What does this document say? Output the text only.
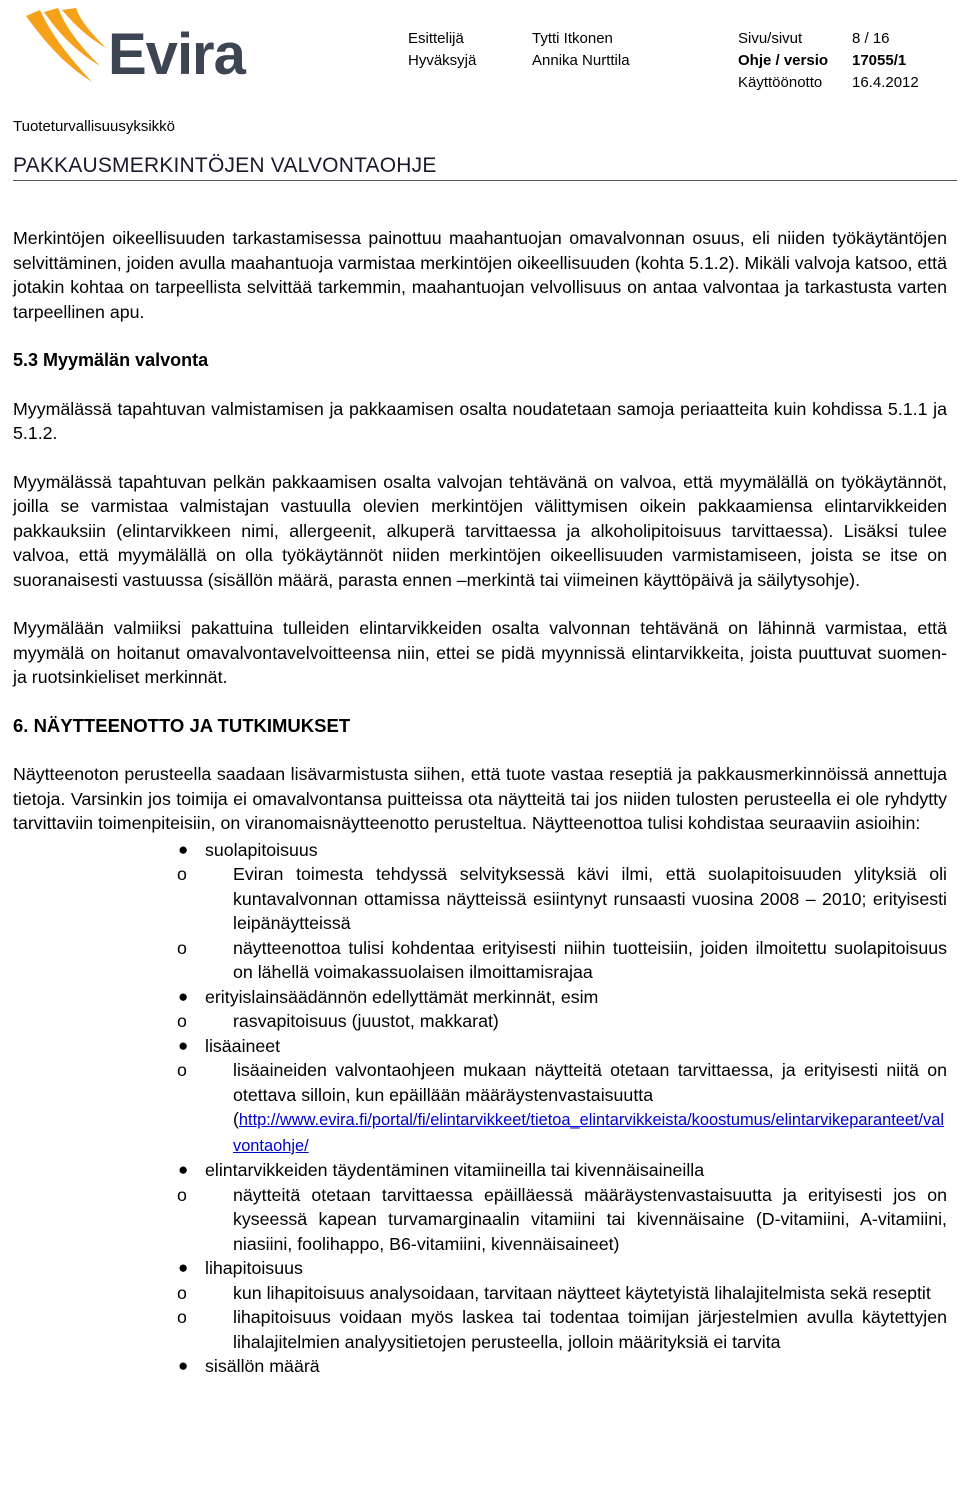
Evira	Esittelijä	Tytti Itkonen	Sivu/sivut	8 / 16
Hyväksyjä	Annika Nurttila	Ohje / versio 17055/1
Käyttöönotto 16.4.2012
Tuoteturvallisuusyksikkö
PAKKAUSMERKINTÖJEN VALVONTAOHJE

Merkintöjen oikeellisuuden tarkastamisessa painottuu maahantuojan omavalvonnan osuus, eli niiden työkäytäntöjen selvittäminen, joiden avulla maahantuoja varmistaa merkintöjen oikeellisuuden (kohta 5.1.2). Mikäli valvoja katsoo, että jotakin kohtaa on tarpeellista selvittää tarkemmin, maahantuojan velvollisuus on antaa valvontaa ja tarkastusta varten tarpeellinen apu.

5.3 Myymälän valvonta

Myymälässä tapahtuvan valmistamisen ja pakkaamisen osalta noudatetaan samoja periaatteita kuin kohdissa 5.1.1 ja 5.1.2.

Myymälässä tapahtuvan pelkän pakkaamisen osalta valvojan tehtävänä on valvoa, että myymälällä on työkäytännöt, joilla se varmistaa valmistajan vastuulla olevien merkintöjen välittymisen oikein pakkaamiensa elintarvikkeiden pakkauksiin (elintarvikkeen nimi, allergeenit, alkuperä tarvittaessa ja alkoholipitoisuus tarvittaessa). Lisäksi tulee valvoa, että myymälällä on olla työkäytännöt niiden merkintöjen oikeellisuuden varmistamiseen, joista se itse on suoranaisesti vastuussa (sisällön määrä, parasta ennen –merkintä tai viimeinen käyttöpäivä ja säilytysohje).

Myymälään valmiiksi pakattuina tulleiden elintarvikkeiden osalta valvonnan tehtävänä on lähinnä varmistaa, että myymälä on hoitanut omavalvontavelvoitteensa niin, ettei se pidä myynnissä elintarvikkeita, joista puuttuvat suomen- ja ruotsinkieliset merkinnät.

6. NÄYTTEENOTTO JA TUTKIMUKSET

Näytteenoton perusteella saadaan lisävarmistusta siihen, että tuote vastaa reseptiä ja pakkausmerkinnöissä annettuja tietoja. Varsinkin jos toimija ei omavalvontansa puitteissa ota näytteitä tai jos niiden tulosten perusteella ei ole ryhdytty tarvittaviin toimenpiteisiin, on viranomaisnäytteenotto perusteltua. Näytteenottoa tulisi kohdistaa seuraaviin asioihin:

● suolapitoisuus
o	Eviran toimesta tehdyssä selvityksessä kävi ilmi, että suolapitoisuuden ylityksiä oli kuntavalvonnan ottamissa näytteissä esiintynyt runsaasti vuosina 2008 – 2010; erityisesti leipänäytteissä
o	näytteenottoa tulisi kohdentaa erityisesti niihin tuotteisiin, joiden ilmoitettu suolapitoisuus on lähellä voimakassuolaisen ilmoittamisrajaa
● erityislainsäädännön edellyttämät merkinnät, esim
o	rasvapitoisuus (juustot, makkarat)
● lisäaineet
o	lisäaineiden valvontaohjeen mukaan näytteitä otetaan tarvittaessa, ja erityisesti niitä on otettava silloin, kun epäillään määräystenvastaisuutta
(http://www.evira.fi/portal/fi/elintarvikkeet/tietoa_elintarvikkeista/koostumus/elintarvikeparanteet/valvontaohje/
● elintarvikkeiden täydentäminen vitamiineilla tai kivennäisaineilla
o	näytteitä otetaan tarvittaessa epäilläessä määräystenvastaisuutta ja erityisesti jos on kyseessä kapean turvamarginaalin vitamiini tai kivennäisaine (D-vitamiini, A-vitamiini, niasiini, foolihappo, B6-vitamiini, kivennäisaineet)
● lihapitoisuus
o	kun lihapitoisuus analysoidaan, tarvitaan näytteet käytetyistä lihalajitelmista sekä reseptit
o	lihapitoisuus voidaan myös laskea tai todentaa toimijan järjestelmien avulla käytettyjen lihalajitelmien analyysitietojen perusteella, jolloin määrityksiä ei tarvita
● sisällön määrä
